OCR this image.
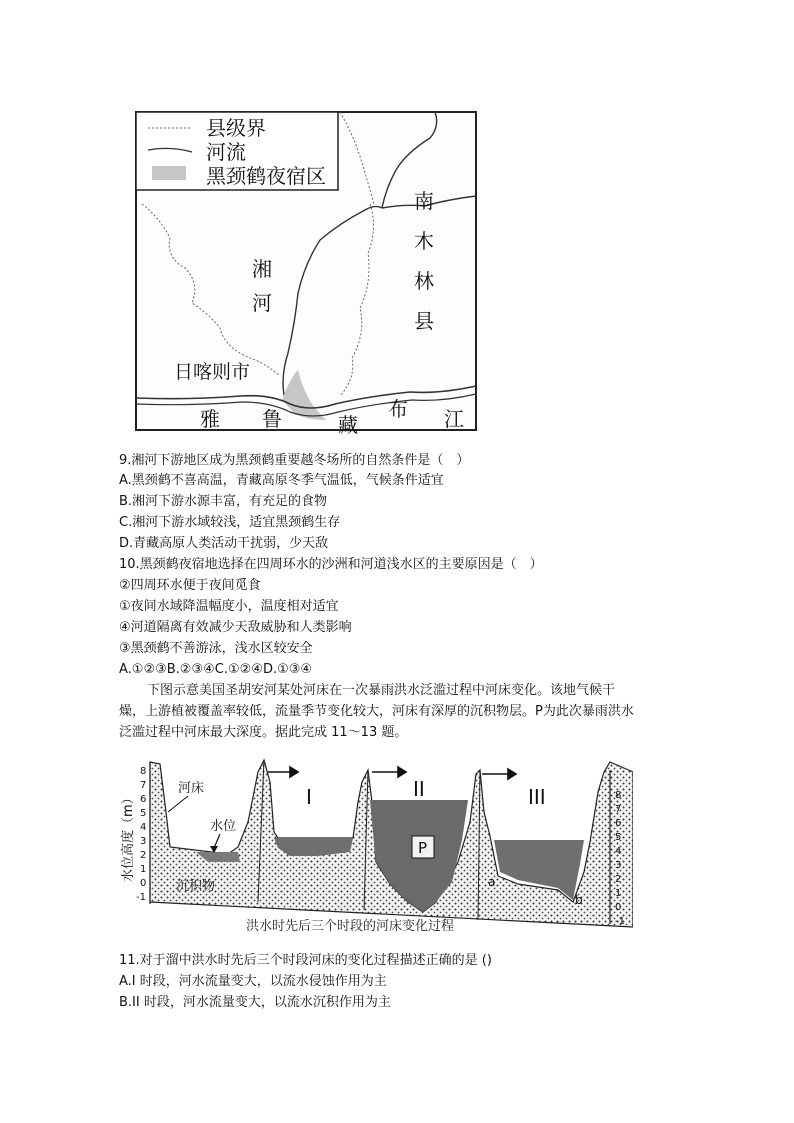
县级界
河流
黑颈鹤夜宿区
南
木
林
县
湘
河
日喀则市
雅 鲁	藏
布 江
9.湘河下游地区成为黑颈鹤重要越冬场所的自然条件是（　）
A.黑颈鹤不喜高温，青藏高原冬季气温低，气候条件适宜
B.湘河下游水源丰富，有充足的食物
C.湘河下游水域较浅，适宜黑颈鹤生存
D.青藏高原人类活动干扰弱，少天敌
10.黑颈鹤夜宿地选择在四周环水的沙洲和河道浅水区的主要原因是（　）
②四周环水便于夜间觅食
①夜间水域降温幅度小，温度相对适宜
④河道隔离有效减少天敌威胁和人类影响
③黑颈鹤不善游泳，浅水区较安全
A.①②③B.②③④C.①②④D.①③④
下图示意美国圣胡安河某处河床在一次暴雨洪水泛滥过程中河床变化。该地气候干燥，上游植被覆盖率较低，流量季节变化较大，河床有深厚的沉积物层。P为此次暴雨洪水泛滥过程中河床最大深度。据此完成 11～13 题。
8
7
6
5
4
3
2
1
0
-1
8
7
6
5
4
3
2
1
0
-1
水位高度（m）	I	II	III
河床
水位
沉积物
P
a
b
洪水时先后三个时段的河床变化过程
11.对于溜中洪水时先后三个时段河床的变化过程描述正确的是 ()
A.I 时段，河水流量变大，以流水侵蚀作用为主
B.II 时段，河水流量变大，以流水沉积作用为主
